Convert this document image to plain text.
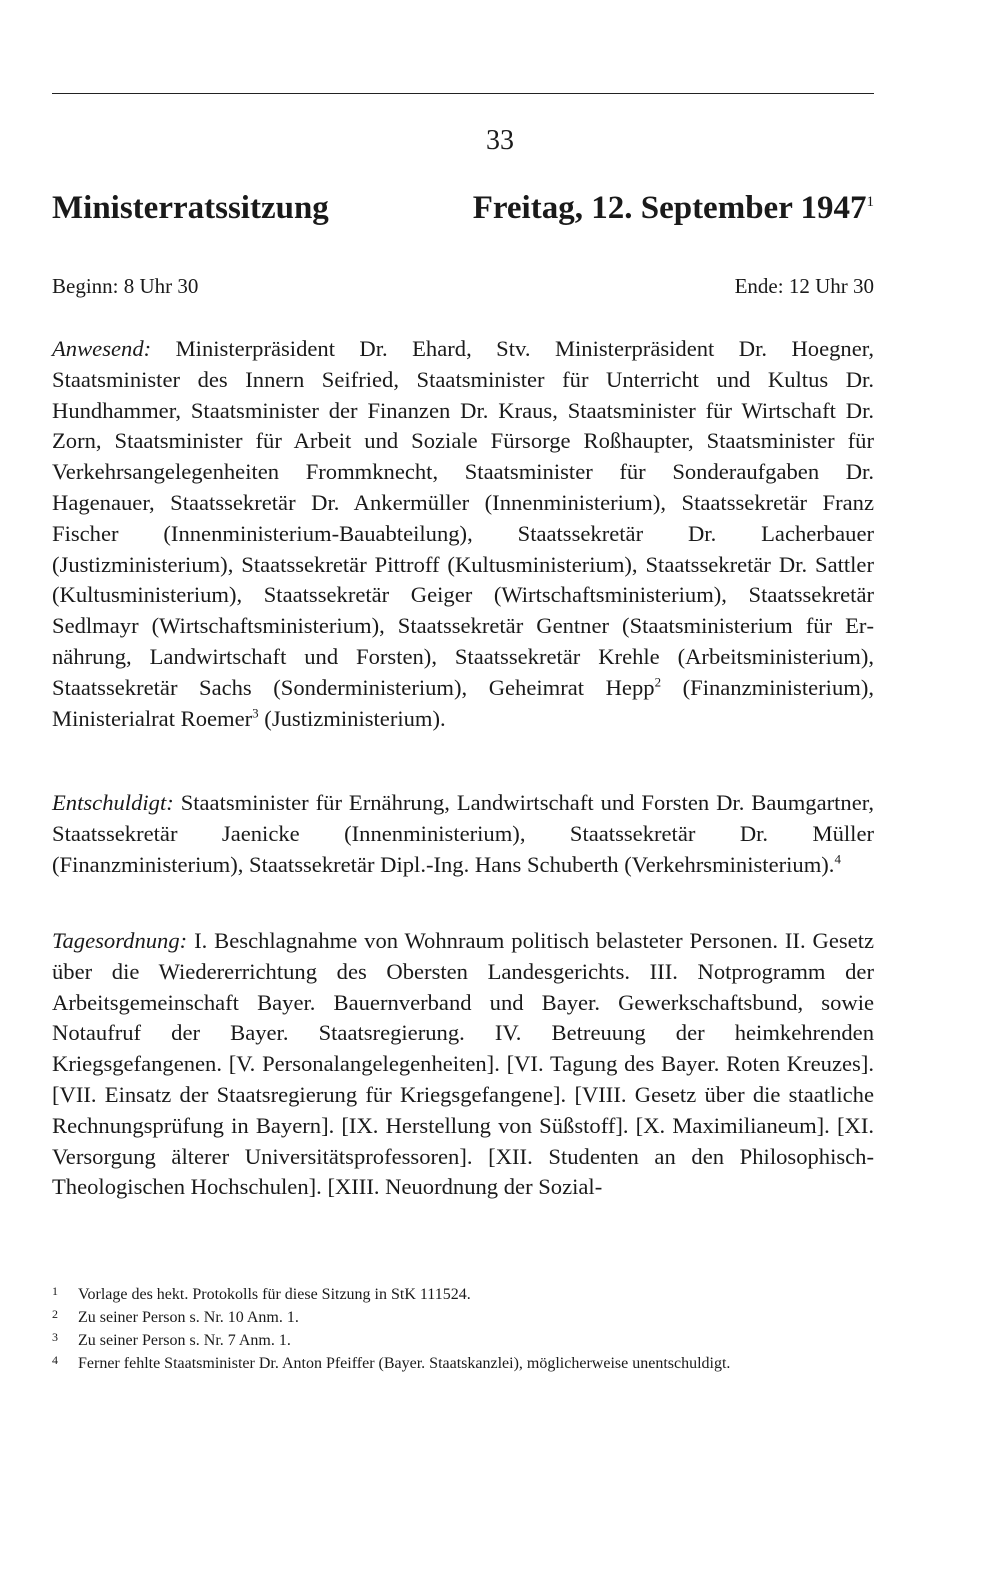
33
Ministerratssitzung	Freitag, 12. September 1947$^1$
Beginn: 8 Uhr 30	Ende: 12 Uhr 30
Anwesend: Ministerpräsident Dr. Ehard, Stv. Ministerpräsident Dr. Hoegner, Staatsminister des Innern Seifried, Staatsminister für Unterricht und Kultus Dr. Hundhammer, Staatsminister der Finanzen Dr. Kraus, Staatsminister für Wirtschaft Dr. Zorn, Staatsminister für Arbeit und Soziale Fürsorge Roßhaupter, Staatsminister für Verkehrsangelegenheiten Frommknecht, Staatsminister für Sonderaufgaben Dr. Hagenauer, Staatssekretär Dr. Ankermüller (Innenministerium), Staatssekretär Franz Fischer (Innenministerium-Bauabteilung), Staatssekretär Dr. Lacherbauer (Justizministerium), Staatssekretär Pittroff (Kultusministerium), Staatssekretär Dr. Sattler (Kultusministerium), Staatssekretär Geiger (Wirtschaftsministerium), Staatssekretär Sedlmayr (Wirtschaftsministerium), Staatssekretär Gentner (Staatsministerium für Ernährung, Landwirtschaft und Forsten), Staatssekretär Krehle (Arbeitsministerium), Staatssekretär Sachs (Sonderministerium), Geheimrat Hepp$^2$ (Finanzministerium), Ministerialrat Roemer$^3$ (Justizministerium).
Entschuldigt: Staatsminister für Ernährung, Landwirtschaft und Forsten Dr. Baumgartner, Staatssekretär Jaenicke (Innenministerium), Staatssekretär Dr. Müller (Finanzministerium), Staatssekretär Dipl.-Ing. Hans Schuberth (Verkehrsministerium).$^4$
Tagesordnung: I. Beschlagnahme von Wohnraum politisch belasteter Personen. II. Gesetz über die Wiedererrichtung des Obersten Landesgerichts. III. Notprogramm der Arbeitsgemeinschaft Bayer. Bauernverband und Bayer. Gewerkschaftsbund, sowie Notaufruf der Bayer. Staatsregierung. IV. Betreuung der heimkehrenden Kriegsgefangenen. [V. Personalangelegenheiten]. [VI. Tagung des Bayer. Roten Kreuzes]. [VII. Einsatz der Staatsregierung für Kriegsgefangene]. [VIII. Gesetz über die staatliche Rechnungsprüfung in Bayern]. [IX. Herstellung von Süßstoff]. [X. Maximilianeum]. [XI. Versorgung älterer Universitätsprofessoren]. [XII. Studenten an den Philosophisch-Theologischen Hochschulen]. [XIII. Neuordnung der Sozial-
1	Vorlage des hekt. Protokolls für diese Sitzung in StK 111524.
2	Zu seiner Person s. Nr. 10 Anm. 1.
3	Zu seiner Person s. Nr. 7 Anm. 1.
4	Ferner fehlte Staatsminister Dr. Anton Pfeiffer (Bayer. Staatskanzlei), möglicherweise unentschuldigt.
